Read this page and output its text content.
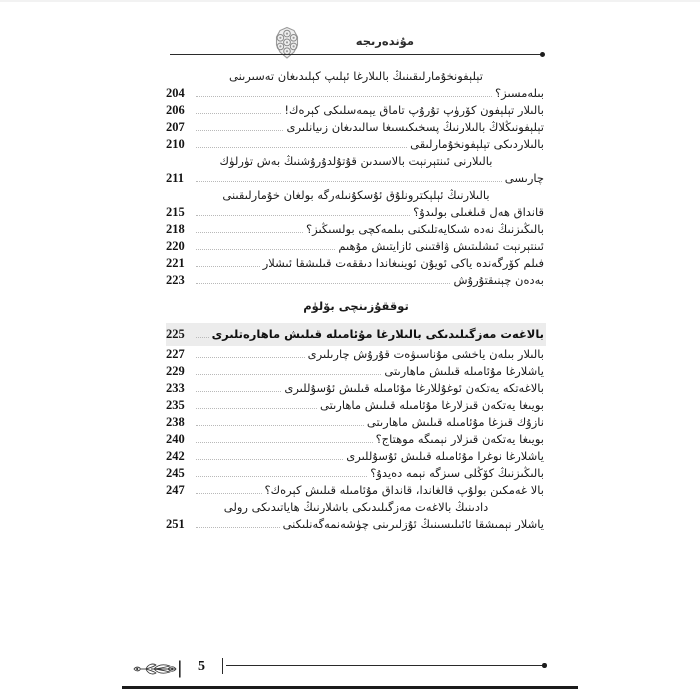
مۇندەرىجە
تېلېفونخۇمارلىقىنىڭ بالىلارغا ئېلىپ كېلىدىغان تەسىرىنى
بىلەمسىز؟
204
بالىلار تېلېفون كۆرۈپ تۇرۇپ تاماق يېمەسلىكى كېرەك!
206
تېلېفونىڭلاڭ بالىلارنىڭ پسخىكىسىغا سالىدىغان زىيانلىرى
207
بالىلاردىكى تېلېفونخۇمارلىقى
210
بالىلارنى ئىنتېرنېت بالاسىدىن قۇتۇلدۇرۇشنىڭ بەش تۈرلۈك
چارىسى
211
بالىلارنىڭ ئېلېكترونلۇق ئۇسكۇنىلەرگە بولغان خۇمارلىقىنى
قانداق ھەل قىلغىلى بولىدۇ؟
215
بالىڭىزنىڭ نەدە شىكايەتلىكنى بىلمەكچى بولسىڭىز؟
218
ئىنتېرنېت ئىشلىتىش ۋاقتىنى ئازايتىش مۇھىم
220
فىلم كۆرگەندە ياكى ئويۇن ئوينىغاندا دىققەت قىلىشقا ئىشلار
221
بەدەن چېنىقتۇرۇش
223
توققۇزىنچى بۆلۈم
بالاغەت مەزگىلىدىكى بالىلارغا مۇئامىلە قىلىش ماھارەتلىرى
225
بالىلار بىلەن ياخشى مۇناسىۋەت قۇرۇش چارىلىرى
227
ياشلارغا مۇئامىلە قىلىش ماھارىتى
229
بالاغەتكە يەتكەن ئوغۇللارغا مۇئامىلە قىلىش ئۇسۇللىرى
233
بويىغا يەتكەن قىزلارغا مۇئامىلە قىلىش ماھارىتى
235
نازۇك قىزغا مۇئامىلە قىلىش ماھارىتى
238
بويىغا يەتكەن قىزلار نېمىگە موھتاج؟
240
ياشلارغا نوغرا مۇئامىلە قىلىش ئۇسۇللىرى
242
بالىڭىزنىڭ كۆڭلى سىزگە نېمە دەيدۇ؟
245
بالا غەمكىن بولۇپ قالغاندا، قانداق مۇئامىلە قىلىش كېرەك؟
247
دادىنىڭ بالاغەت مەزگىلىدىكى باشلارنىڭ ھاياتىدىكى رولى
ياشلار نېمىشقا ئائىلىسىنىڭ ئۇزلىرىنى چۈشەنمەگەنلىكنى
251
5
